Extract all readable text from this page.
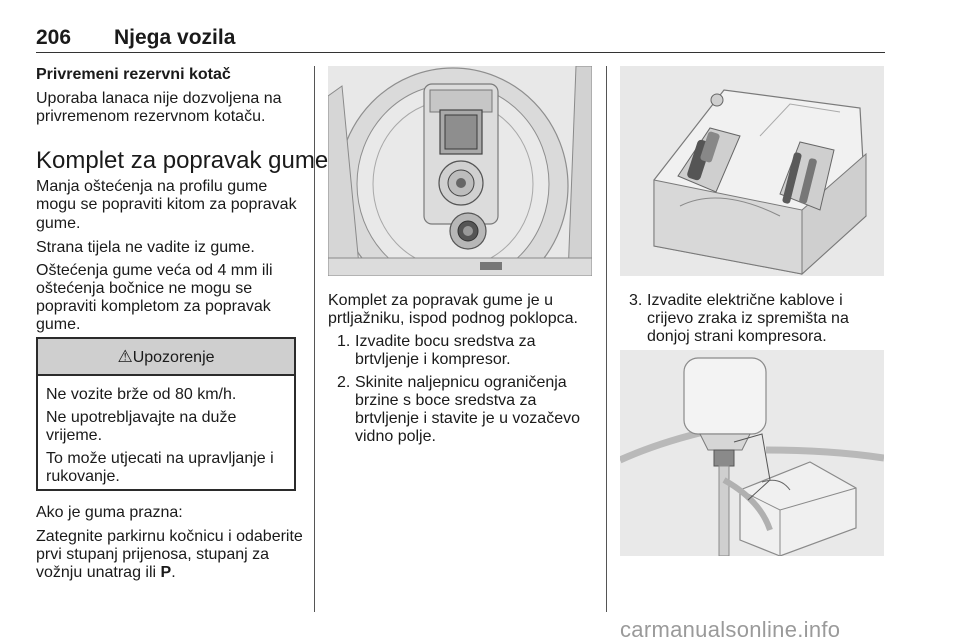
206 Njega vozila
Privremeni rezervni kotač
Uporaba lanaca nije dozvoljena na
privremenom rezervnom kotaču.
Komplet za popravak gume
Manja oštećenja na profilu gume
mogu se popraviti kitom za popravak
gume.
Strana tijela ne vadite iz gume.
Oštećenja gume veća od 4 mm ili
oštećenja bočnice ne mogu se
popraviti kompletom za popravak
gume.
⚠Upozorenje
Ne vozite brže od 80 km/h.
Ne upotrebljavajte na duže
vrijeme.
To može utjecati na upravljanje i
rukovanje.
Ako je guma prazna:
Zategnite parkirnu kočnicu i odaberite
prvi stupanj prijenosa, stupanj za
vožnju unatrag ili P.
Komplet za popravak gume je u
prtljažniku, ispod podnog poklopca.
1. Izvadite bocu sredstva za
brtvljenje i kompresor.
2. Skinite naljepnicu ograničenja
brzine s boce sredstva za
brtvljenje i stavite je u vozačevo
vidno polje.
3. Izvadite električne kablove i
crijevo zraka iz spremišta na
donjoj strani kompresora.
carmanualsonline.info
